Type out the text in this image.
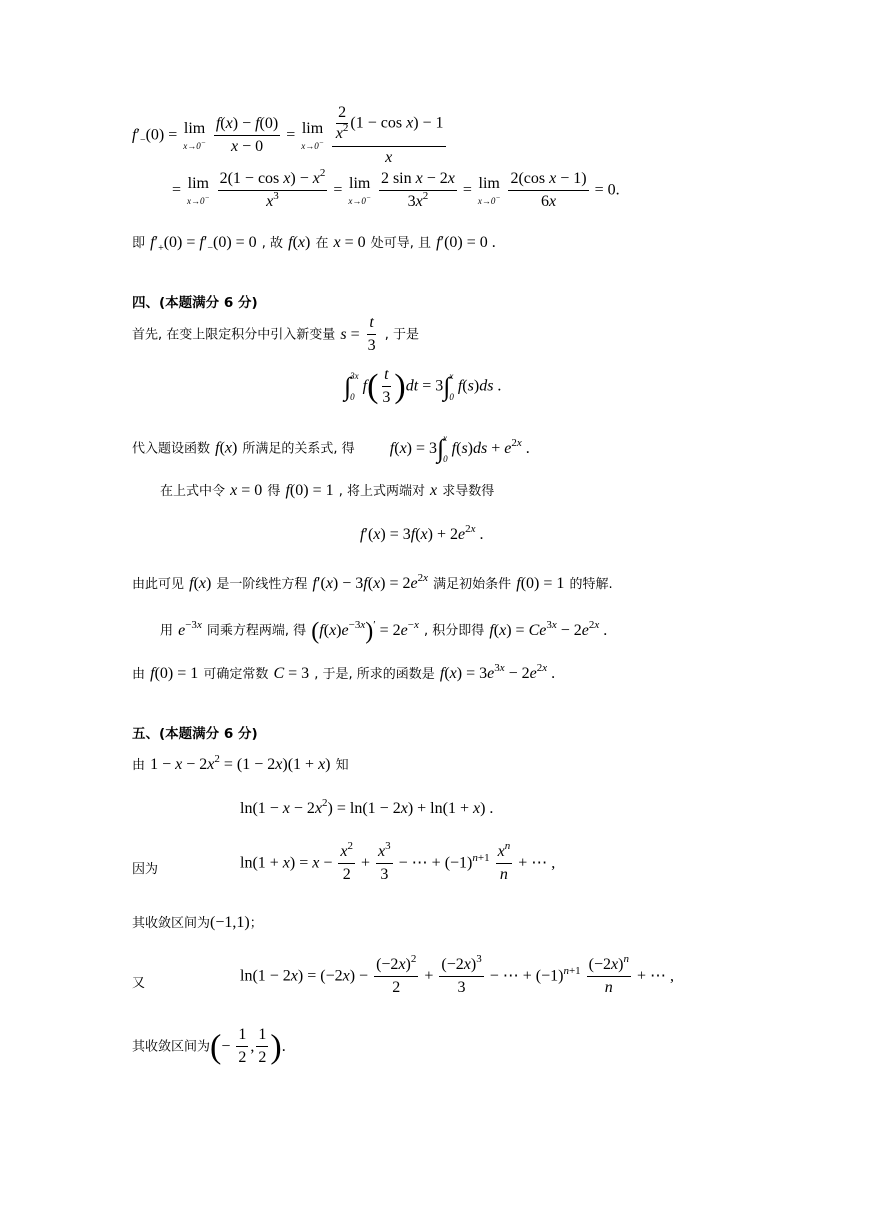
$f'_-(0) = \lim$
x→0−
$\frac{f(x) - f(0)}{x - 0} = \lim$
x→0−
$\frac{\frac{2}{x^2} (1 - \cos x) - 1}{x}$
= lim
x→0−
$\frac{2(1 - \cos x) - x^2}{x^3} = \lim$
x→0−
$\frac{\text{2 sin x − 2x}}{3x^2} = \lim$
x→0−
$\frac{\text{2(cos x − 1)}}{6x} = 0$.
即 $f'_+(0) = f'_-(0) = 0$ , 故 f(x) 在 x = 0 处可导, 且 f′(0) = 0 .
四、(本题满分 6 分)
首先, 在变上限定积分中引入新变量 $s = \frac{t}{3}$ , 于是
∫ 3x
0
$f( \frac{t}{3} )dt = 3$ ∫ x
0
f(s)ds .
代入题设函数 f(x) 所满足的关系式, 得 f(x) = 3 ∫ x
0
$f(s)ds + e^{2x}$ .
在上式中令 x = 0 得 f(0) = 1 , 将上式两端对 x 求导数得
$f'(x) = 3f(x) + 2e^{2x}$ .
由此可见 f(x) 是一阶线性方程 $f'(x) - 3f(x) = 2e^{2x}$ 满足初始条件 f(0) = 1 的特解.
用 $e^{-3x}$ 同乘方程两端, 得 $(f(x)e^{-3x})' = 2e^{-x}$ , 积分即得 $f(x) = Ce^{3x} - 2e^{2x}$ .
由 f(0) = 1 可确定常数 C = 3 , 于是, 所求的函数是 $f(x) = 3e^{3x} - 2e^{2x}$ .
五、(本题满分 6 分)
由 $1 - x - 2x^2 = (1 - 2x)(1 + x)$ 知
$\ln(1 - x - 2x^2) = \ln(1 - 2x) + \ln(1 + x)$ .
因为	$\ln(1 + x) = x - \frac{x^2}{2} + \frac{x^3}{3}$ − ⋯ + $(-1)^{n+1} \frac{x^n}{n}$ + ⋯ ,
其收敛区间为(−1,1)；
又	$\ln(1 - 2x) = (-2x) - \frac{(-2x)^2}{2} + \frac{(-2x)^3}{3}$ − ⋯ + $(-1)^{n+1} \frac{(-2x)^n}{n}$ + ⋯ ,
其收敛区间为(− $\frac{1}{2}$ , $\frac{1}{2}$ ).
